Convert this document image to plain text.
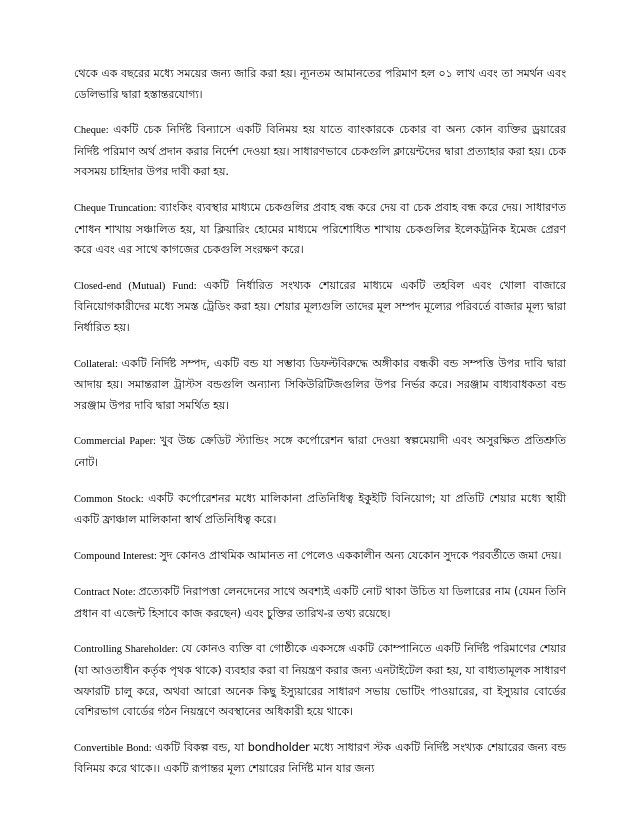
থেকে এক বছরের মধ্যে সময়ের জন্য জারি করা হয়। ন্যূনতম আমানতের পরিমাণ হল ০১ লাখ এবং তা সমর্থন এবং ডেলিভারি দ্বারা হস্তান্তরযোগ্য।

Cheque: একটি চেক নির্দিষ্ট বিন্যাসে একটি বিনিময় হয় যাতে ব্যাংকারকে চেকার বা অন্য কোন ব্যক্তির ড্রয়ারের নির্দিষ্ট পরিমাণ অর্থ প্রদান করার নির্দেশ দেওয়া হয়। সাধারণভাবে চেকগুলি ক্লায়েন্টদের দ্বারা প্রত্যাহার করা হয়। চেক সবসময় চাহিদার উপর দাবী করা হয়.

Cheque Truncation: ব্যাংকিং ব্যবস্থার মাধ্যমে চেকগুলির প্রবাহ বন্ধ করে দেয় বা চেক প্রবাহ বন্ধ করে দেয়। সাধারণত শোধন শাখায় সঞ্চালিত হয়, যা ক্লিয়ারিং হোমের মাধ্যমে পরিশোধিত শাখায় চেকগুলির ইলেকট্রনিক ইমেজ প্রেরণ করে এবং এর সাথে কাগজের চেকগুলি সংরক্ষণ করে।

Closed-end (Mutual) Fund: একটি নির্ধারিত সংখ্যক শেয়ারের মাধ্যমে একটি তহবিল এবং খোলা বাজারে বিনিয়োগকারীদের মধ্যে সমস্ত ট্রেডিং করা হয়। শেয়ার মূল্যগুলি তাদের মূল সম্পদ মূল্যের পরিবর্তে বাজার মূল্য দ্বারা নির্ধারিত হয়।

Collateral: একটি নির্দিষ্ট সম্পদ, একটি বন্ড যা সম্ভাব্য ডিফল্টবিরুদ্ধে অঙ্গীকার বন্ধকী বন্ড সম্পত্তি উপর দাবি দ্বারা আদায় হয়। সমান্তরাল ট্রাস্টস বন্ডগুলি অন্যান্য সিকিউরিটিজগুলির উপর নির্ভর করে। সরঞ্জাম বাধ্যবাধকতা বন্ড সরঞ্জাম উপর দাবি দ্বারা সমর্থিত হয়।

Commercial Paper: খুব উচ্চ ক্রেডিট স্ট্যান্ডিং সঙ্গে কর্পোরেশন দ্বারা দেওয়া স্বল্পমেয়াদী এবং অসুরক্ষিত প্রতিশ্রুতি নোট।

Common Stock: একটি কর্পোরেশনর মধ্যে মালিকানা প্রতিনিধিত্ব ইকুইটি বিনিয়োগ; যা প্রতিটি শেয়ার মধ্যে স্থায়ী একটি ফ্রাঞ্চাল মালিকানা স্বার্থ প্রতিনিধিত্ব করে।

Compound Interest: সুদ কোনও প্রাথমিক আমানত না পেলেও এককালীন অন্য যেকোন সুদকে পরবর্তীতে জমা দেয়।

Contract Note: প্রত্যেকটি নিরাপত্তা লেনদেনের সাথে অবশ্যই একটি নোট থাকা উচিত যা ডিলারের নাম (যেমন তিনি প্রধান বা এজেন্ট হিসাবে কাজ করছেন) এবং চুক্তির তারিখ-র তথ্য রয়েছে।

Controlling Shareholder: যে কোনও ব্যক্তি বা গোষ্ঠীকে একসঙ্গে একটি কোম্পানিতে একটি নির্দিষ্ট পরিমাণের শেয়ার (যা আওতাধীন কর্তৃক পৃথক থাকে) ব্যবহার করা বা নিয়ন্ত্রণ করার জন্য এনটাইটেল করা হয়, যা বাধ্যতামূলক সাধারণ অফারটি চালু করে, অথবা আরো অনেক কিছু ইস্যুয়ারের সাধারণ সভায় ভোটিং পাওয়ারের, বা ইস্যুয়ার বোর্ডের বেশিরভাগ বোর্ডের গঠন নিয়ন্ত্রণে অবস্থানের অধিকারী হয়ে থাকে।

Convertible Bond: একটি বিকল্প বন্ড, যা bondholder মধ্যে সাধারণ স্টক একটি নির্দিষ্ট সংখ্যক শেয়ারের জন্য বন্ড বিনিময় করে থাকে।। একটি রূপান্তর মূল্য শেয়ারের নির্দিষ্ট মান যার জন্য
